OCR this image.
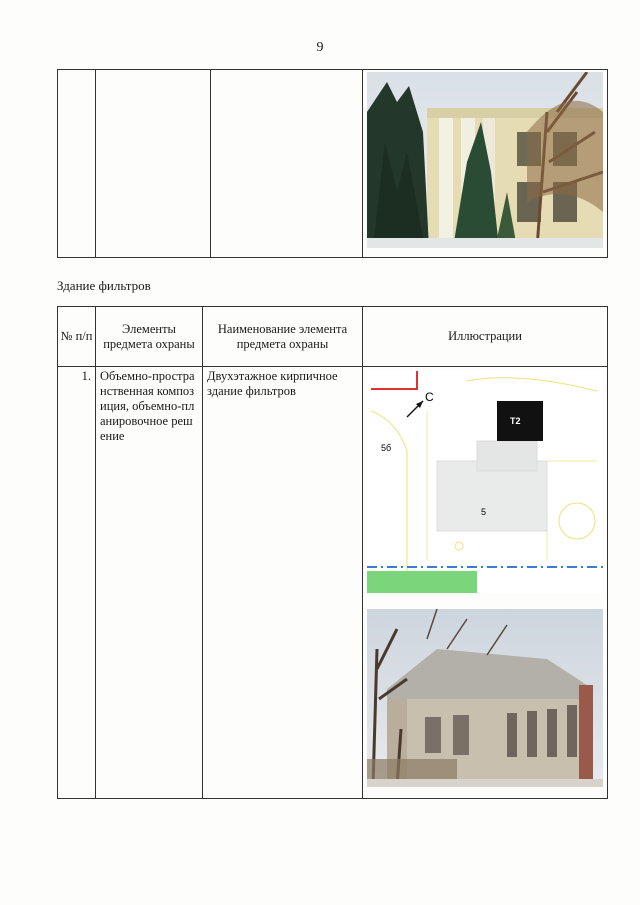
9

Здание фильтров
№ п/п	Элементы предмета охраны	Наименование элемента предмета охраны	Иллюстрации
1.	Объемно-пространственная композиция, объемно-планировочное решение	Двухэтажное кирпичное здание фильтров	С
5б
Т2
5
